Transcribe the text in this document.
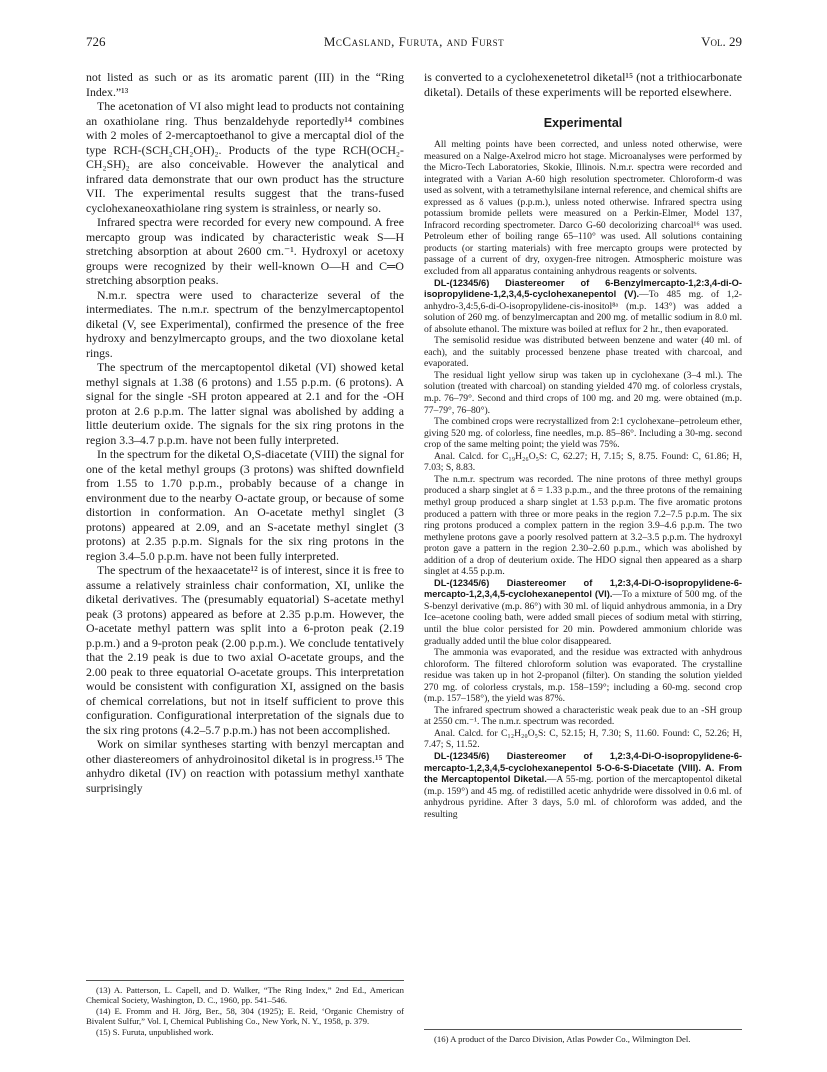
726	McCasland, Furuta, and Furst	Vol. 29

not listed as such or as its aromatic parent (III) in the “Ring Index.”¹³

The acetonation of VI also might lead to products not containing an oxathiolane ring. Thus benzaldehyde reportedly¹⁴ combines with 2 moles of 2-mercaptoethanol to give a mercaptal diol of the type RCH-(SCH₂CH₂OH)₂. Products of the type RCH(OCH₂-CH₂SH)₂ are also conceivable. However the analytical and infrared data demonstrate that our own product has the structure VII. The experimental results suggest that the trans-fused cyclohexaneoxathiolane ring system is strainless, or nearly so.

Infrared spectra were recorded for every new compound. A free mercapto group was indicated by characteristic weak S—H stretching absorption at about 2600 cm.⁻¹. Hydroxyl or acetoxy groups were recognized by their well-known O—H and C═O stretching absorption peaks.

N.m.r. spectra were used to characterize several of the intermediates. The n.m.r. spectrum of the benzylmercaptopentol diketal (V, see Experimental), confirmed the presence of the free hydroxy and benzylmercapto groups, and the two dioxolane ketal rings.

The spectrum of the mercaptopentol diketal (VI) showed ketal methyl signals at 1.38 (6 protons) and 1.55 p.p.m. (6 protons). A signal for the single -SH proton appeared at 2.1 and for the -OH proton at 2.6 p.p.m. The latter signal was abolished by adding a little deuterium oxide. The signals for the six ring protons in the region 3.3–4.7 p.p.m. have not been fully interpreted.

In the spectrum for the diketal O,S-diacetate (VIII) the signal for one of the ketal methyl groups (3 protons) was shifted downfield from 1.55 to 1.70 p.p.m., probably because of a change in environment due to the nearby O-actate group, or because of some distortion in conformation. An O-acetate methyl singlet (3 protons) appeared at 2.09, and an S-acetate methyl singlet (3 protons) at 2.35 p.p.m. Signals for the six ring protons in the region 3.4–5.0 p.p.m. have not been fully interpreted.

The spectrum of the hexaacetate¹² is of interest, since it is free to assume a relatively strainless chair conformation, XI, unlike the diketal derivatives. The (presumably equatorial) S-acetate methyl peak (3 protons) appeared as before at 2.35 p.p.m. However, the O-acetate methyl pattern was split into a 6-proton peak (2.19 p.p.m.) and a 9-proton peak (2.00 p.p.m.). We conclude tentatively that the 2.19 peak is due to two axial O-acetate groups, and the 2.00 peak to three equatorial O-acetate groups. This interpretation would be consistent with configuration XI, assigned on the basis of chemical correlations, but not in itself sufficient to prove this configuration. Configurational interpretation of the signals due to the six ring protons (4.2–5.7 p.p.m.) has not been accomplished.

Work on similar syntheses starting with benzyl mercaptan and other diastereomers of anhydroinositol diketal is in progress.¹⁵ The anhydro diketal (IV) on reaction with potassium methyl xanthate surprisingly

(13) A. Patterson, L. Capell, and D. Walker, “The Ring Index,” 2nd Ed., American Chemical Society, Washington, D. C., 1960, pp. 541–546.

(14) E. Fromm and H. Jörg, Ber., 58, 304 (1925); E. Reid, ‘Organic Chemistry of Bivalent Sulfur,” Vol. I, Chemical Publishing Co., New York, N. Y., 1958, p. 379.

(15) S. Furuta, unpublished work.

is converted to a cyclohexenetetrol diketal¹⁵ (not a trithiocarbonate diketal). Details of these experiments will be reported elsewhere.

Experimental

All melting points have been corrected, and unless noted otherwise, were measured on a Nalge-Axelrod micro hot stage. Microanalyses were performed by the Micro-Tech Laboratories, Skokie, Illinois. N.m.r. spectra were recorded and integrated with a Varian A-60 high resolution spectrometer. Chloroform-d was used as solvent, with a tetramethylsilane internal reference, and chemical shifts are expressed as δ values (p.p.m.), unless noted otherwise. Infrared spectra using potassium bromide pellets were measured on a Perkin-Elmer, Model 137, Infracord recording spectrometer. Darco G-60 decolorizing charcoal¹⁶ was used. Petroleum ether of boiling range 65–110° was used. All solutions containing products (or starting materials) with free mercapto groups were protected by passage of a current of dry, oxygen-free nitrogen. Atmospheric moisture was excluded from all apparatus containing anhydrous reagents or solvents.

DL-(12345/6) Diastereomer of 6-Benzylmercapto-1,2:3,4-di-O-isopropylidene-1,2,3,4,5-cyclohexanepentol (V).—To 485 mg. of 1,2-anhydro-3,4:5,6-di-O-isopropylidene-cis-inositol⁸ᵃ (m.p. 143°) was added a solution of 260 mg. of benzylmercaptan and 200 mg. of metallic sodium in 8.0 ml. of absolute ethanol. The mixture was boiled at reflux for 2 hr., then evaporated.

The semisolid residue was distributed between benzene and water (40 ml. of each), and the suitably processed benzene phase treated with charcoal, and evaporated.

The residual light yellow sirup was taken up in cyclohexane (3–4 ml.). The solution (treated with charcoal) on standing yielded 470 mg. of colorless crystals, m.p. 76–79°. Second and third crops of 100 mg. and 20 mg. were obtained (m.p. 77–79°, 76–80°).

The combined crops were recrystallized from 2:1 cyclohexane–petroleum ether, giving 520 mg. of colorless, fine needles, m.p. 85–86°. Including a 30-mg. second crop of the same melting point; the yield was 75%.

Anal. Calcd. for C₁₉H₂₆O₅S: C, 62.27; H, 7.15; S, 8.75. Found: C, 61.86; H, 7.03; S, 8.83.

The n.m.r. spectrum was recorded. The nine protons of three methyl groups produced a sharp singlet at δ = 1.33 p.p.m., and the three protons of the remaining methyl group produced a sharp singlet at 1.53 p.p.m. The five aromatic protons produced a pattern with three or more peaks in the region 7.2–7.5 p.p.m. The six ring protons produced a complex pattern in the region 3.9–4.6 p.p.m. The two methylene protons gave a poorly resolved pattern at 3.2–3.5 p.p.m. The hydroxyl proton gave a pattern in the region 2.30–2.60 p.p.m., which was abolished by addition of a drop of deuterium oxide. The HDO signal then appeared as a sharp singlet at 4.55 p.p.m.

DL-(12345/6) Diastereomer of 1,2:3,4-Di-O-isopropylidene-6-mercapto-1,2,3,4,5-cyclohexanepentol (VI).—To a mixture of 500 mg. of the S-benzyl derivative (m.p. 86°) with 30 ml. of liquid anhydrous ammonia, in a Dry Ice–acetone cooling bath, were added small pieces of sodium metal with stirring, until the blue color persisted for 20 min. Powdered ammonium chloride was gradually added until the blue color disappeared.

The ammonia was evaporated, and the residue was extracted with anhydrous chloroform. The filtered chloroform solution was evaporated. The crystalline residue was taken up in hot 2-propanol (filter). On standing the solution yielded 270 mg. of colorless crystals, m.p. 158–159°; including a 60-mg. second crop (m.p. 157–158°), the yield was 87%.

The infrared spectrum showed a characteristic weak peak due to an -SH group at 2550 cm.⁻¹. The n.m.r. spectrum was recorded.

Anal. Calcd. for C₁₂H₂₀O₅S: C, 52.15; H, 7.30; S, 11.60. Found: C, 52.26; H, 7.47; S, 11.52.

DL-(12345/6) Diastereomer of 1,2:3,4-Di-O-isopropylidene-6-mercapto-1,2,3,4,5-cyclohexanepentol 5-O-6-S-Diacetate (VIII). A. From the Mercaptopentol Diketal.—A 55-mg. portion of the mercaptopentol diketal (m.p. 159°) and 45 mg. of redistilled acetic anhydride were dissolved in 0.6 ml. of anhydrous pyridine. After 3 days, 5.0 ml. of chloroform was added, and the resulting

(16) A product of the Darco Division, Atlas Powder Co., Wilmington Del.
